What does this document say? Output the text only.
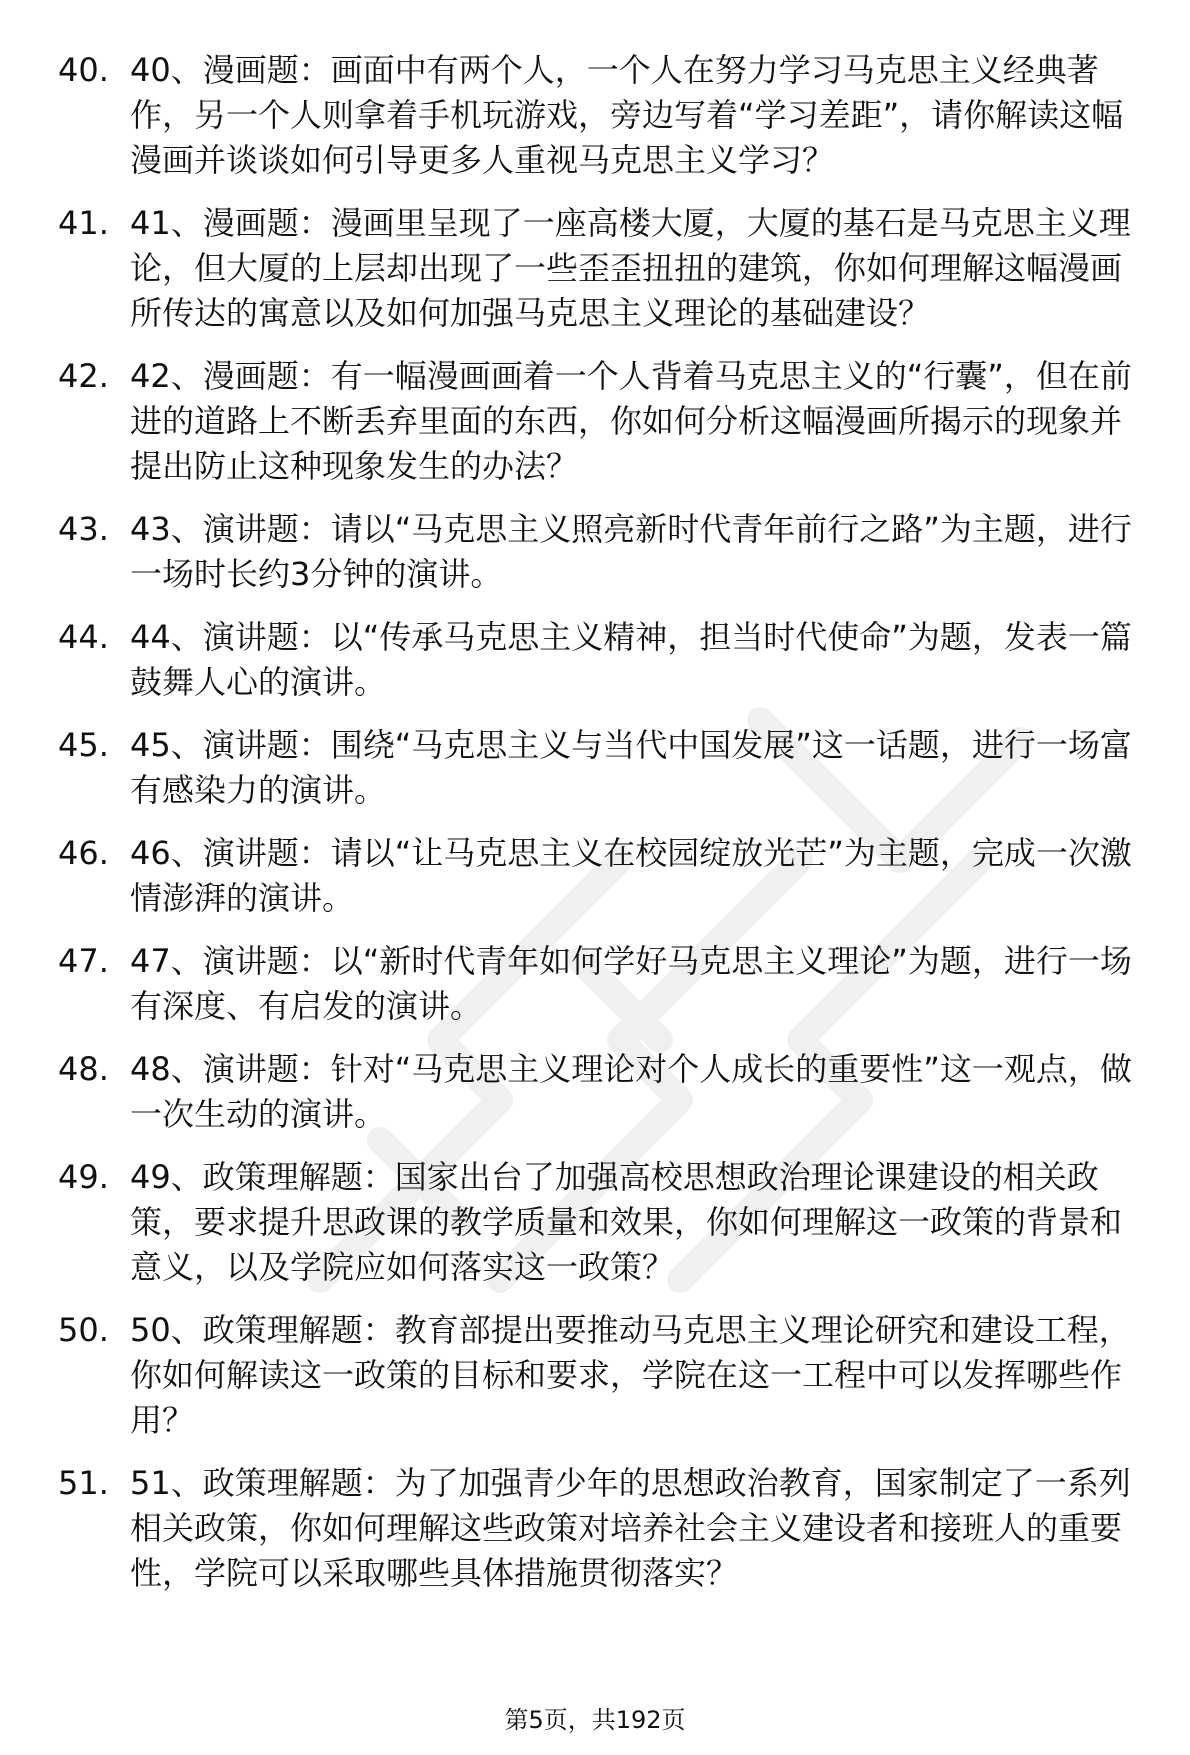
40. 40、漫画题：画面中有两个人，一个人在努力学习马克思主义经典著作，另一个人则拿着手机玩游戏，旁边写着“学习差距”，请你解读这幅漫画并谈谈如何引导更多人重视马克思主义学习？
41. 41、漫画题：漫画里呈现了一座高楼大厦，大厦的基石是马克思主义理论，但大厦的上层却出现了一些歪歪扭扭的建筑，你如何理解这幅漫画所传达的寓意以及如何加强马克思主义理论的基础建设？
42. 42、漫画题：有一幅漫画画着一个人背着马克思主义的“行囊”，但在前进的道路上不断丢弃里面的东西，你如何分析这幅漫画所揭示的现象并提出防止这种现象发生的办法？
43. 43、演讲题：请以“马克思主义照亮新时代青年前行之路”为主题，进行一场时长约3分钟的演讲。
44. 44、演讲题：以“传承马克思主义精神，担当时代使命”为题，发表一篇鼓舞人心的演讲。
45. 45、演讲题：围绕“马克思主义与当代中国发展”这一话题，进行一场富有感染力的演讲。
46. 46、演讲题：请以“让马克思主义在校园绽放光芒”为主题，完成一次激情澎湃的演讲。
47. 47、演讲题：以“新时代青年如何学好马克思主义理论”为题，进行一场有深度、有启发的演讲。
48. 48、演讲题：针对“马克思主义理论对个人成长的重要性”这一观点，做一次生动的演讲。
49. 49、政策理解题：国家出台了加强高校思想政治理论课建设的相关政策，要求提升思政课的教学质量和效果，你如何理解这一政策的背景和意义，以及学院应如何落实这一政策？
50. 50、政策理解题：教育部提出要推动马克思主义理论研究和建设工程，你如何解读这一政策的目标和要求，学院在这一工程中可以发挥哪些作用？
51. 51、政策理解题：为了加强青少年的思想政治教育，国家制定了一系列相关政策，你如何理解这些政策对培养社会主义建设者和接班人的重要性，学院可以采取哪些具体措施贯彻落实？
第5页，共192页
